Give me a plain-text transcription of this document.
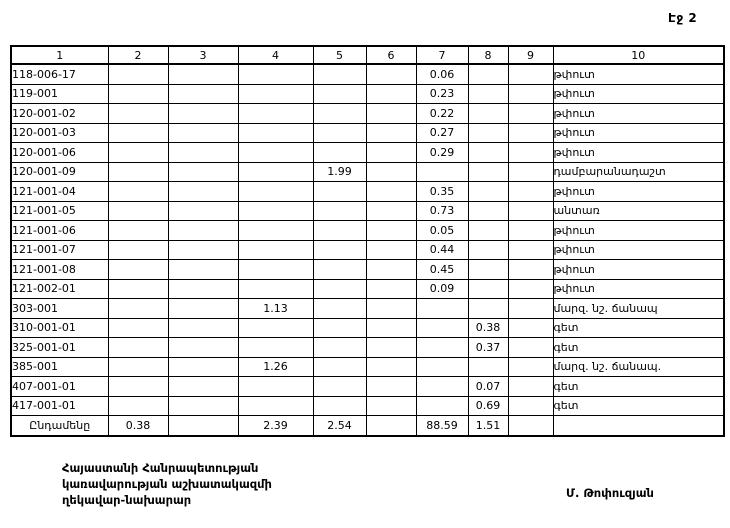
Էջ 2
1	2	3	4	5	6	7	8	9	10
118-006-17						0.06			թփուտ
119-001						0.23			թփուտ
120-001-02						0.22			թփուտ
120-001-03						0.27			թփուտ
120-001-06						0.29			թփուտ
120-001-09				1.99					դամբարանադաշտ
121-001-04						0.35			թփուտ
121-001-05						0.73			անտառ
121-001-06						0.05			թփուտ
121-001-07						0.44			թփուտ
121-001-08						0.45			թփուտ
121-002-01						0.09			թփուտ
303-001			1.13						մարզ. նշ. ճանապ
310-001-01							0.38		գետ
325-001-01							0.37		գետ
385-001			1.26						մարզ. նշ. ճանապ.
407-001-01							0.07		գետ
417-001-01							0.69		գետ
Ընդամենը	0.38		2.39	2.54		88.59	1.51		
Հայաստանի Հանրապետության
կառավարության աշխատակազմի
ղեկավար-նախարար	Մ. Թոփուզյան
